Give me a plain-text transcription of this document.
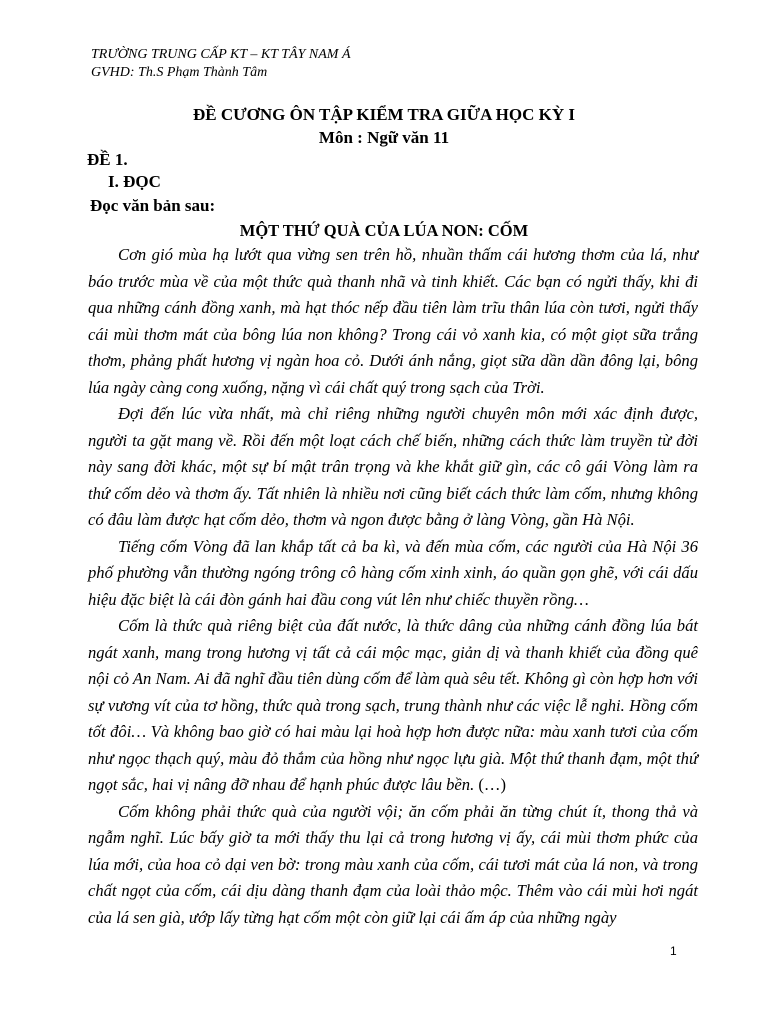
TRƯỜNG TRUNG CẤP KT – KT TÂY NAM Á
GVHD: Th.S Phạm Thành Tâm
ĐỀ CƯƠNG ÔN TẬP KIỂM TRA GIỮA HỌC KỲ I
Môn : Ngữ văn 11
ĐỀ 1.
I. ĐỌC
Đọc văn bản sau:
MỘT THỨ QUÀ CỦA LÚA NON: CỐM

Cơn gió mùa hạ lướt qua vừng sen trên hồ, nhuần thấm cái hương thơm của lá, như báo trước mùa về của một thức quà thanh nhã và tinh khiết. Các bạn có ngửi thấy, khi đi qua những cánh đồng xanh, mà hạt thóc nếp đầu tiên làm trĩu thân lúa còn tươi, ngửi thấy cái mùi thơm mát của bông lúa non không? Trong cái vỏ xanh kia, có một giọt sữa trắng thơm, phảng phất hương vị ngàn hoa cỏ. Dưới ánh nắng, giọt sữa dần dần đông lại, bông lúa ngày càng cong xuống, nặng vì cái chất quý trong sạch của Trời.

Đợi đến lúc vừa nhất, mà chỉ riêng những người chuyên môn mới xác định được, người ta gặt mang về. Rồi đến một loạt cách chế biến, những cách thức làm truyền từ đời này sang đời khác, một sự bí mật trân trọng và khe khắt giữ gìn, các cô gái Vòng làm ra thứ cốm dẻo và thơm ấy. Tất nhiên là nhiều nơi cũng biết cách thức làm cốm, nhưng không có đâu làm được hạt cốm dẻo, thơm và ngon được bằng ở làng Vòng, gần Hà Nội.

Tiếng cốm Vòng đã lan khắp tất cả ba kì, và đến mùa cốm, các người của Hà Nội 36 phố phường vẫn thường ngóng trông cô hàng cốm xinh xinh, áo quần gọn ghẽ, với cái dấu hiệu đặc biệt là cái đòn gánh hai đầu cong vút lên như chiếc thuyền rồng…

Cốm là thức quà riêng biệt của đất nước, là thức dâng của những cánh đồng lúa bát ngát xanh, mang trong hương vị tất cả cái mộc mạc, giản dị và thanh khiết của đồng quê nội cỏ An Nam. Ai đã nghĩ đầu tiên dùng cốm để làm quà sêu tết. Không gì còn hợp hơn với sự vương vít của tơ hồng, thức quà trong sạch, trung thành như các việc lễ nghi. Hồng cốm tốt đôi… Và không bao giờ có hai màu lại hoà hợp hơn được nữa: màu xanh tươi của cốm như ngọc thạch quý, màu đỏ thắm của hồng như ngọc lựu già. Một thứ thanh đạm, một thứ ngọt sắc, hai vị nâng đỡ nhau để hạnh phúc được lâu bền. (…)

Cốm không phải thức quà của người vội; ăn cốm phải ăn từng chút ít, thong thả và ngẫm nghĩ. Lúc bấy giờ ta mới thấy thu lại cả trong hương vị ấy, cái mùi thơm phức của lúa mới, của hoa cỏ dại ven bờ: trong màu xanh của cốm, cái tươi mát của lá non, và trong chất ngọt của cốm, cái dịu dàng thanh đạm của loài thảo mộc. Thêm vào cái mùi hơi ngát của lá sen già, ướp lấy từng hạt cốm một còn giữ lại cái ấm áp của những ngày

1
